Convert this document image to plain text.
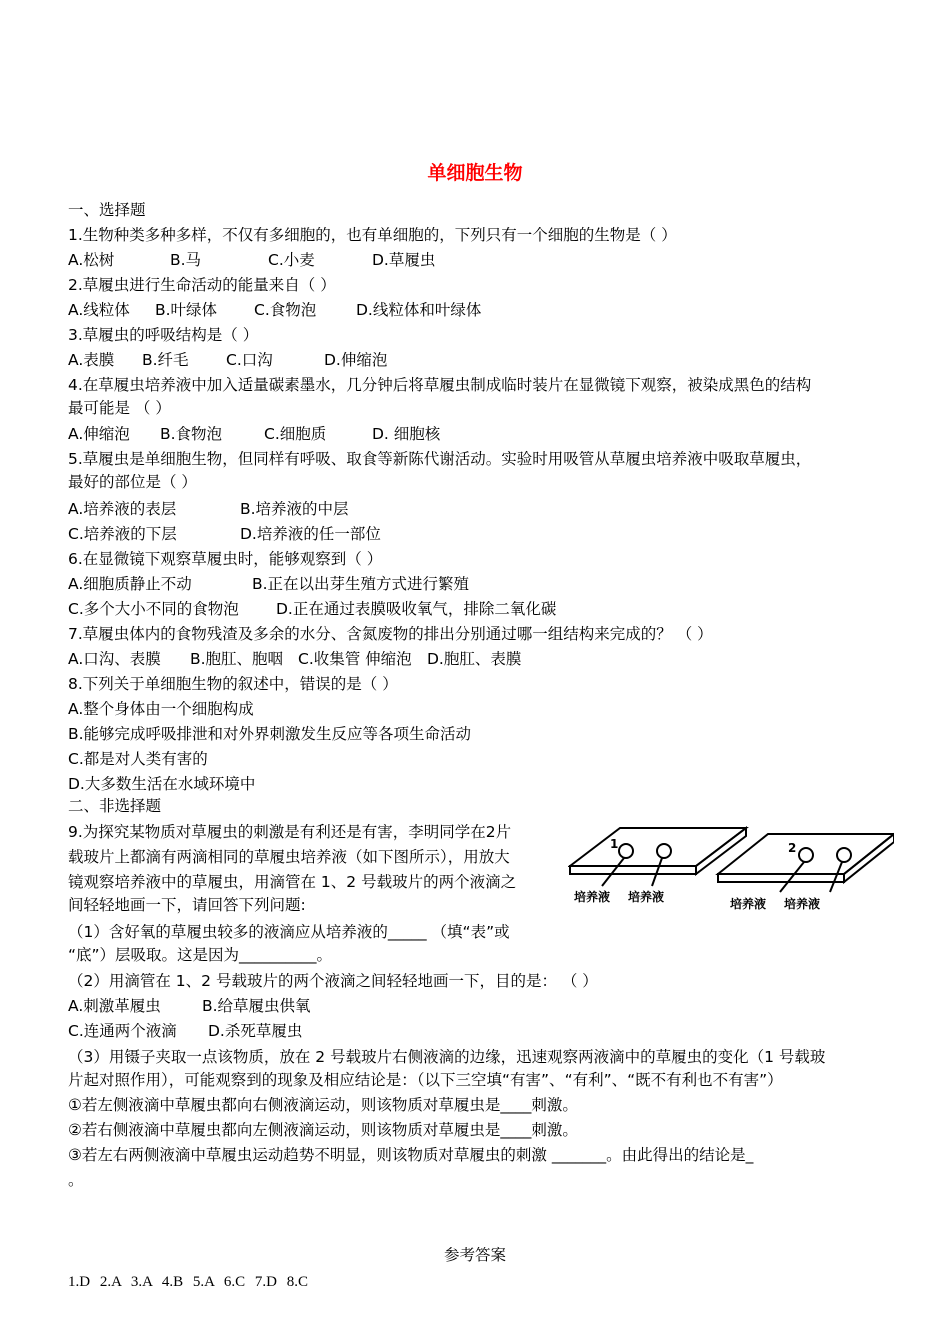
单细胞生物
一、选择题
1.生物种类多种多样，不仅有多细胞的，也有单细胞的，下列只有一个细胞的生物是（ ）
A.松树	B.马	C.小麦	D.草履虫
2.草履虫进行生命活动的能量来自（ ）
A.线粒体 B.叶绿体 C.食物泡	D.线粒体和叶绿体
3.草履虫的呼吸结构是（ ）
A.表膜 B.纤毛 C.口沟	D.伸缩泡
4.在草履虫培养液中加入适量碳素墨水，几分钟后将草履虫制成临时装片在显微镜下观察，被染成黑色的结构
最可能是 （ ）
A.伸缩泡 B.食物泡	C.细胞质	D. 细胞核
5.草履虫是单细胞生物，但同样有呼吸、取食等新陈代谢活动。实验时用吸管从草履虫培养液中吸取草履虫，
最好的部位是（ ）
A.培养液的表层	B.培养液的中层
C.培养液的下层	D.培养液的任一部位
6.在显微镜下观察草履虫时，能够观察到（ ）
A.细胞质静止不动	B.正在以出芽生殖方式进行繁殖
C.多个大小不同的食物泡 D.正在通过表膜吸收氧气，排除二氧化碳
7.草履虫体内的食物残渣及多余的水分、含氮废物的排出分别通过哪一组结构来完成的？ （ ）
A.口沟、表膜 B.胞肛、胞咽 C.收集管 伸缩泡 D.胞肛、表膜
8.下列关于单细胞生物的叙述中，错误的是（ ）
A.整个身体由一个细胞构成
B.能够完成呼吸排泄和对外界刺激发生反应等各项生命活动
C.都是对人类有害的
D.大多数生活在水域环境中
二、非选择题
9.为探究某物质对草履虫的刺激是有利还是有害，李明同学在2片
载玻片上都滴有两滴相同的草履虫培养液（如下图所示），用放大
镜观察培养液中的草履虫，用滴管在 1、2 号载玻片的两个液滴之
间轻轻地画一下，请回答下列问题:
1
培养液 培养液
2
培养液 培养液
（1）含好氧的草履虫较多的液滴应从培养液的_____ （填“表”或
“底”）层吸取。这是因为__________。
（2）用滴管在 1、2 号载玻片的两个液滴之间轻轻地画一下，目的是： （ ）
A.刺激革履虫	B.给草履虫供氧
C.连通两个液滴 D.杀死草履虫
（3）用镊子夹取一点该物质，放在 2 号载玻片右侧液滴的边缘，迅速观察两液滴中的草履虫的变化（1 号载玻
片起对照作用），可能观察到的现象及相应结论是：（以下三空填“有害”、“有利”、“既不有利也不有害”）
①若左侧液滴中草履虫都向右侧液滴运动，则该物质对草履虫是____刺激。
②若右侧液滴中草履虫都向左侧液滴运动，则该物质对草履虫是____刺激。
③若左右两侧液滴中草履虫运动趋势不明显，则该物质对草履虫的刺激 _______。由此得出的结论是_
。
参考答案
1.D 2.A 3.A 4.B 5.A 6.C 7.D 8.C
